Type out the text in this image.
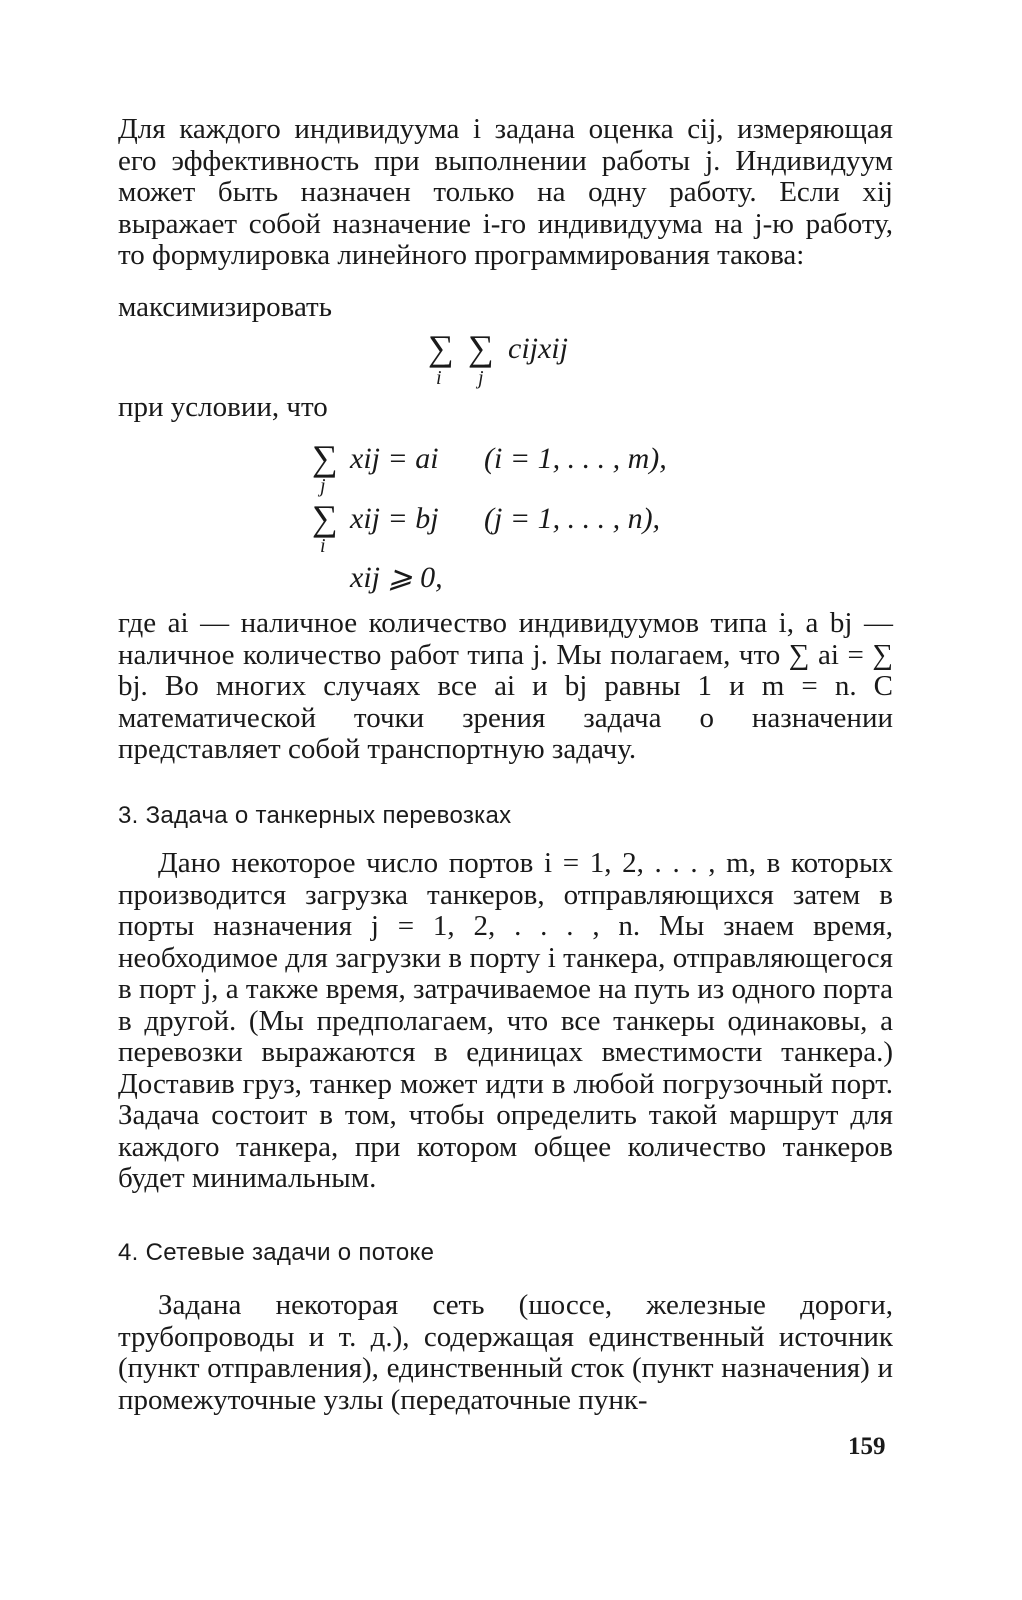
Для каждого индивидуума i задана оценка cij, измеряющая его эффективность при выполнении работы j. Индивидуум может быть назначен только на одну работу. Если xij выражает собой назначение i-го индивидуума на j-ю работу, то формулировка линейного программирования такова:

максимизировать
∑
i
∑
j
cijxij
при условии, что
∑
j
xij = ai (i = 1, . . . , m),
∑
i
xij = bj (j = 1, . . . , n),
xij ⩾ 0,

где ai — наличное количество индивидуумов типа i, а bj — наличное количество работ типа j. Мы полагаем, что ∑ ai = ∑ bj. Во многих случаях все ai и bj равны 1 и m = n. С математической точки зрения задача о назначении представляет собой транспортную задачу.

3. Задача о танкерных перевозках

Дано некоторое число портов i = 1, 2, . . . , m, в которых производится загрузка танкеров, отправляющихся затем в порты назначения j = 1, 2, . . . , n. Мы знаем время, необходимое для загрузки в порту i танкера, отправляющегося в порт j, а также время, затрачиваемое на путь из одного порта в другой. (Мы предполагаем, что все танкеры одинаковы, а перевозки выражаются в единицах вместимости танкера.) Доставив груз, танкер может идти в любой погрузочный порт. Задача состоит в том, чтобы определить такой маршрут для каждого танкера, при котором общее количество танкеров будет минимальным.

4. Сетевые задачи о потоке

Задана некоторая сеть (шоссе, железные дороги, трубопроводы и т. д.), содержащая единственный источник (пункт отправления), единственный сток (пункт назначения) и промежуточные узлы (передаточные пунк-

159
